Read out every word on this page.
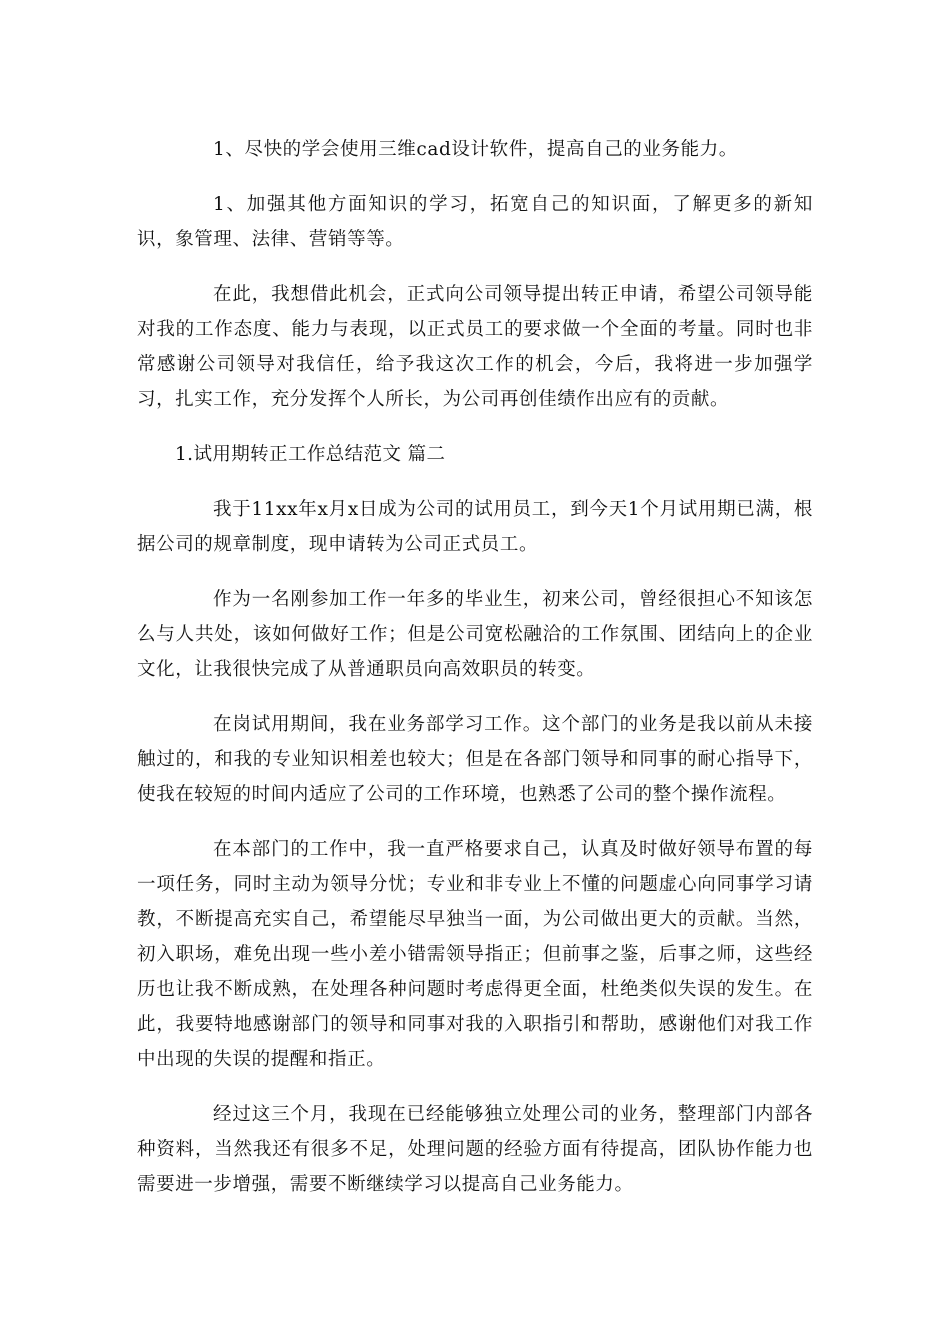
1、尽快的学会使用三维cad设计软件，提高自己的业务能力。

1、加强其他方面知识的学习，拓宽自己的知识面，了解更多的新知识，象管理、法律、营销等等。

在此，我想借此机会，正式向公司领导提出转正申请，希望公司领导能对我的工作态度、能力与表现，以正式员工的要求做一个全面的考量。同时也非常感谢公司领导对我信任，给予我这次工作的机会，今后，我将进一步加强学习，扎实工作，充分发挥个人所长，为公司再创佳绩作出应有的贡献。

1.试用期转正工作总结范文 篇二

我于11xx年x月x日成为公司的试用员工，到今天1个月试用期已满，根据公司的规章制度，现申请转为公司正式员工。

作为一名刚参加工作一年多的毕业生，初来公司，曾经很担心不知该怎么与人共处，该如何做好工作；但是公司宽松融洽的工作氛围、团结向上的企业文化，让我很快完成了从普通职员向高效职员的转变。

在岗试用期间，我在业务部学习工作。这个部门的业务是我以前从未接触过的，和我的专业知识相差也较大；但是在各部门领导和同事的耐心指导下，使我在较短的时间内适应了公司的工作环境，也熟悉了公司的整个操作流程。

在本部门的工作中，我一直严格要求自己，认真及时做好领导布置的每一项任务，同时主动为领导分忧；专业和非专业上不懂的问题虚心向同事学习请教，不断提高充实自己，希望能尽早独当一面，为公司做出更大的贡献。当然，初入职场，难免出现一些小差小错需领导指正；但前事之鉴，后事之师，这些经历也让我不断成熟，在处理各种问题时考虑得更全面，杜绝类似失误的发生。在此，我要特地感谢部门的领导和同事对我的入职指引和帮助，感谢他们对我工作中出现的失误的提醒和指正。

经过这三个月，我现在已经能够独立处理公司的业务，整理部门内部各种资料，当然我还有很多不足，处理问题的经验方面有待提高，团队协作能力也需要进一步增强，需要不断继续学习以提高自己业务能力。
